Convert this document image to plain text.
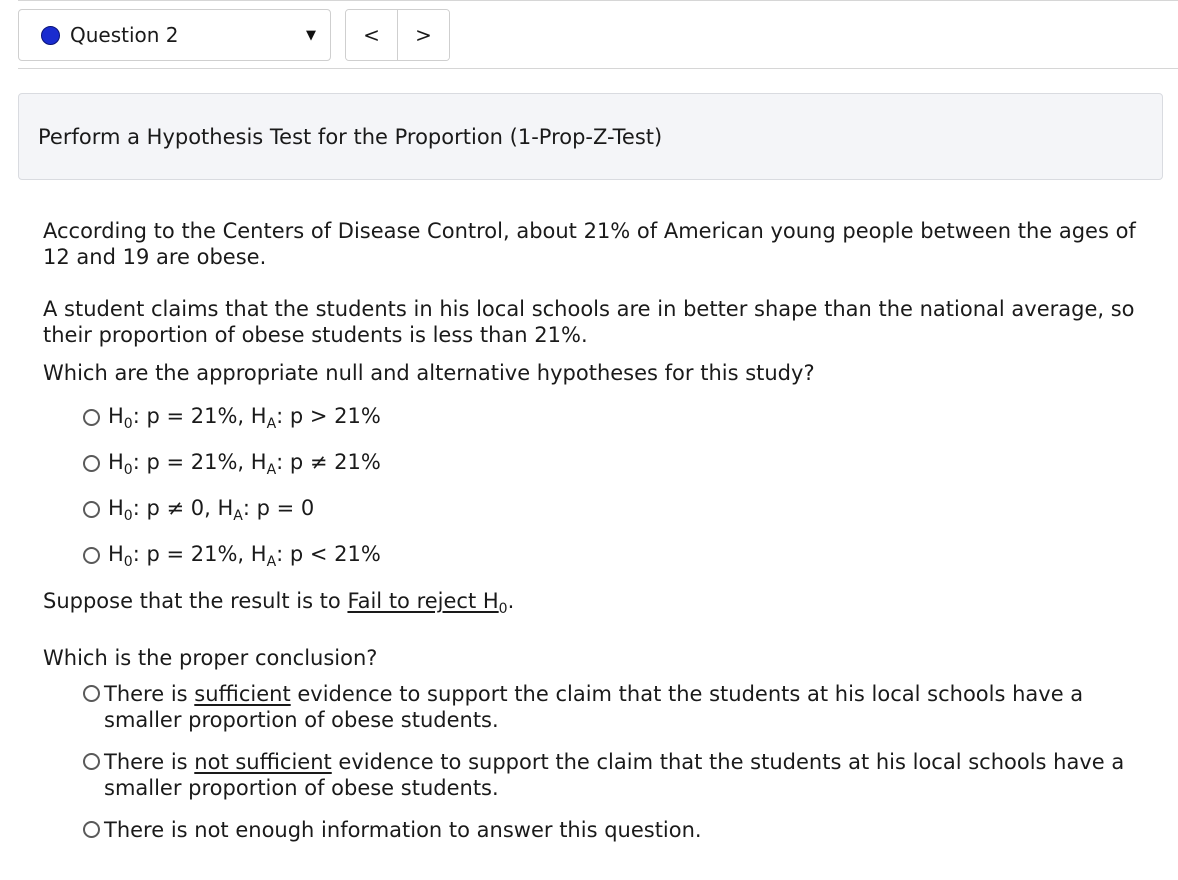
Question 2	▼	<	>
Perform a Hypothesis Test for the Proportion (1-Prop-Z-Test)

According to the Centers of Disease Control, about 21% of American young people between the ages of 12 and 19 are obese.

A student claims that the students in his local schools are in better shape than the national average, so their proportion of obese students is less than 21%.

Which are the appropriate null and alternative hypotheses for this study?

$H_0$: p = 21%, $H_A$: p > 21%
$H_0$: p = 21%, $H_A$: p ≠ 21%
$H_0$: p ≠ 0, $H_A$: p = 0
$H_0$: p = 21%, $H_A$: p < 21%

Suppose that the result is to Fail to reject $H_0$.

Which is the proper conclusion?

There is sufficient evidence to support the claim that the students at his local schools have a smaller proportion of obese students.
There is not sufficient evidence to support the claim that the students at his local schools have a smaller proportion of obese students.
There is not enough information to answer this question.
